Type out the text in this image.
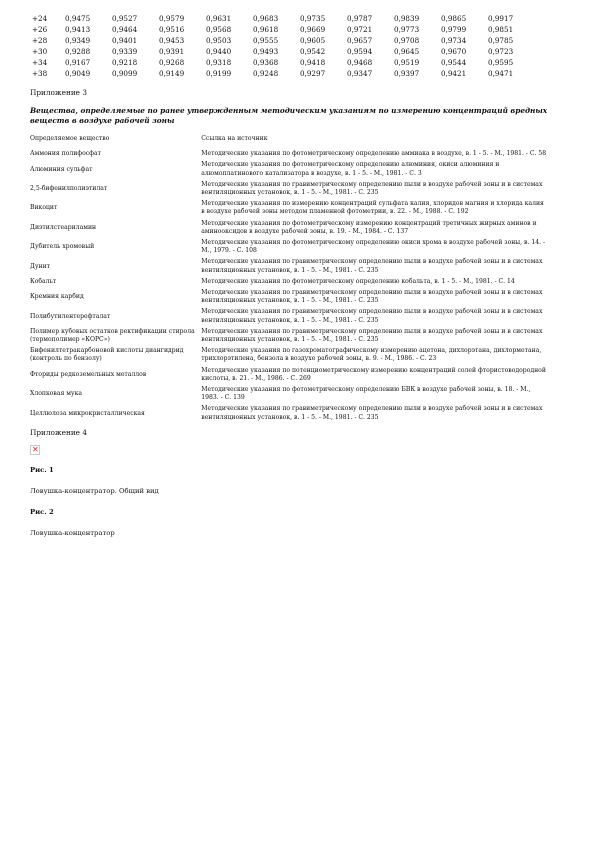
+24	0,9475	0,9527	0,9579	0,9631	0,9683	0,9735	0,9787	0,9839	0,9865	0,9917
+26	0,9413	0,9464	0,9516	0,9568	0,9618	0,9669	0,9721	0,9773	0,9799	0,9851
+28	0,9349	0,9401	0,9453	0,9503	0,9555	0,9605	0,9657	0,9708	0,9734	0,9785
+30	0,9288	0,9339	0,9391	0,9440	0,9493	0,9542	0,9594	0,9645	0,9670	0,9723
+34	0,9167	0,9218	0,9268	0,9318	0,9368	0,9418	0,9468	0,9519	0,9544	0,9595
+38	0,9049	0,9099	0,9149	0,9199	0,9248	0,9297	0,9347	0,9397	0,9421	0,9471
Приложение 3
Вещества, определяемые по ранее утвержденным методическим указаниям по измерению концентраций вредных веществ в воздухе рабочей зоны
Определяемое вещество	Ссылка на источник
Аммония полифосфат	Методические указания по фотометрическому определению аммиака в воздухе, в. 1 - 5. - М., 1981. - С. 58
Алюминия сульфат	Методические указания по фотометрическому определению алюминия, окиси алюминия и алюмоплатинового катализатора в воздухе, в. 1 - 5. - М., 1981. - С. 3
2,5-бифенилполиэтилат	Методические указания по гравиметрическому определению пыли в воздухе рабочей зоны и в системах вентиляционных установок, в. 1 - 5. - М., 1981. - С. 235
Викоцит	Методические указания по измерению концентраций сульфата калия, хлоридов магния и хлорида калия в воздухе рабочей зоны методом пламенной фотометрии, в. 22. - М., 1988. - С. 192
Диэтилстеариламин	Методические указания по фотометрическому измерению концентраций третичных жирных аминов и аминооксидов в воздухе рабочей зоны, в. 19. - М., 1984. - С. 137
Дубитель хромовый	Методические указания по фотометрическому определению окиси хрома в воздухе рабочей зоны, в. 14. - М., 1979. - С. 108
Дунит	Методические указания по гравиметрическому определению пыли в воздухе рабочей зоны и в системах вентиляционных установок, в. 1 - 5. - М., 1981. - С. 235
Кобальт	Методические указания по фотометрическому определению кобальта, в. 1 - 5. - М., 1981. - С. 14
Кремния карбид	Методические указания по гравиметрическому определению пыли в воздухе рабочей зоны и в системах вентиляционных установок, в. 1 - 5. - М., 1981. - С. 235
Полибутилентерефталат	Методические указания по гравиметрическому определению пыли в воздухе рабочей зоны и в системах вентиляционных установок, в. 1 - 5. - М., 1981. - С. 235
Полимер кубовых остатков ректификации стирола (термополимер «КОРС»)	Методические указания по гравиметрическому определению пыли в воздухе рабочей зоны и в системах вентиляционных установок, в. 1 - 5. - М., 1981. - С. 235
Бифенилтетракарбоновой кислоты диангидрид (контроль по бензолу)	Методические указания по газохроматографическому измерению ацетона, дихлорэтана, дихлорметана, трихлорэтилена, бензола в воздухе рабочей зоны, в. 9. - М., 1986. - С. 23
Фториды редкоземельных металлов	Методические указания по потенциометрическому измерению концентраций солей фтористоводородной кислоты, в. 21. - М., 1986. - С. 269
Хлопковая мука	Методические указания по фотометрическому определению БВК в воздухе рабочей зоны, в. 18. - М., 1983. - С. 139
Целлюлоза микрокристаллическая	Методические указания по гравиметрическому определению пыли в воздухе рабочей зоны и в системах вентиляционных установок, в. 1 - 5. - М., 1981. - С. 235
Приложение 4
✕
Рис. 1
Ловушка-концентратор. Общий вид
Рис. 2
Ловушка-концентратор
